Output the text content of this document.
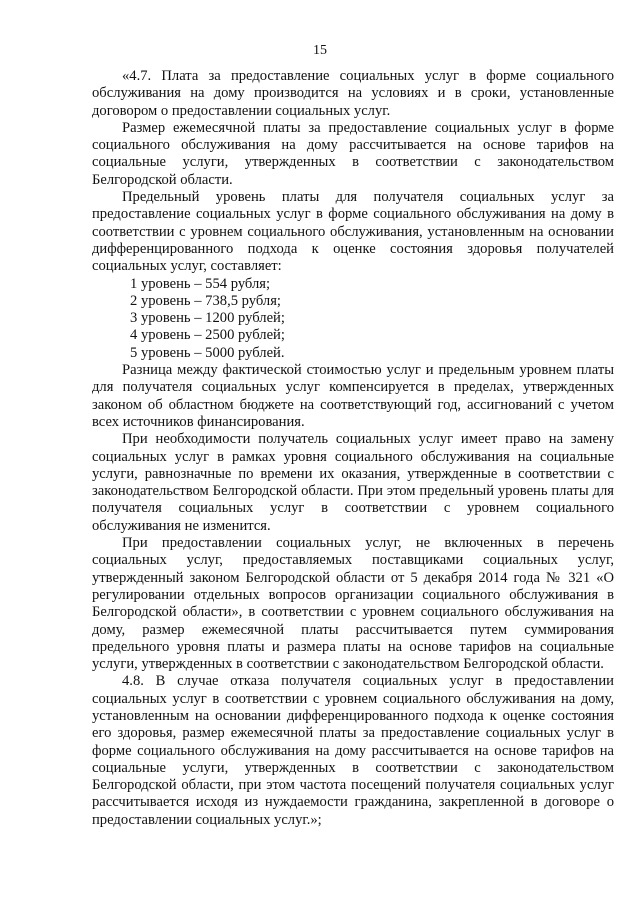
15

«4.7. Плата за предоставление социальных услуг в форме социального обслуживания на дому производится на условиях и в сроки, установленные договором о предоставлении социальных услуг.

Размер ежемесячной платы за предоставление социальных услуг в форме социального обслуживания на дому рассчитывается на основе тарифов на социальные услуги, утвержденных в соответствии с законодательством Белгородской области.

Предельный уровень платы для получателя социальных услуг за предоставление социальных услуг в форме социального обслуживания на дому в соответствии с уровнем социального обслуживания, установленным на основании дифференцированного подхода к оценке состояния здоровья получателей социальных услуг, составляет:

1 уровень – 554 рубля;
2 уровень – 738,5 рубля;
3 уровень – 1200 рублей;
4 уровень – 2500 рублей;
5 уровень – 5000 рублей.

Разница между фактической стоимостью услуг и предельным уровнем платы для получателя социальных услуг компенсируется в пределах, утвержденных законом об областном бюджете на соответствующий год, ассигнований с учетом всех источников финансирования.

При необходимости получатель социальных услуг имеет право на замену социальных услуг в рамках уровня социального обслуживания на социальные услуги, равнозначные по времени их оказания, утвержденные в соответствии с законодательством Белгородской области. При этом предельный уровень платы для получателя социальных услуг в соответствии с уровнем социального обслуживания не изменится.

При предоставлении социальных услуг, не включенных в перечень социальных услуг, предоставляемых поставщиками социальных услуг, утвержденный законом Белгородской области от 5 декабря 2014 года № 321 «О регулировании отдельных вопросов организации социального обслуживания в Белгородской области», в соответствии с уровнем социального обслуживания на дому, размер ежемесячной платы рассчитывается путем суммирования предельного уровня платы и размера платы на основе тарифов на социальные услуги, утвержденных в соответствии с законодательством Белгородской области.

4.8. В случае отказа получателя социальных услуг в предоставлении социальных услуг в соответствии с уровнем социального обслуживания на дому, установленным на основании дифференцированного подхода к оценке состояния его здоровья, размер ежемесячной платы за предоставление социальных услуг в форме социального обслуживания на дому рассчитывается на основе тарифов на социальные услуги, утвержденных в соответствии с законодательством Белгородской области, при этом частота посещений получателя социальных услуг рассчитывается исходя из нуждаемости гражданина, закрепленной в договоре о предоставлении социальных услуг.»;
